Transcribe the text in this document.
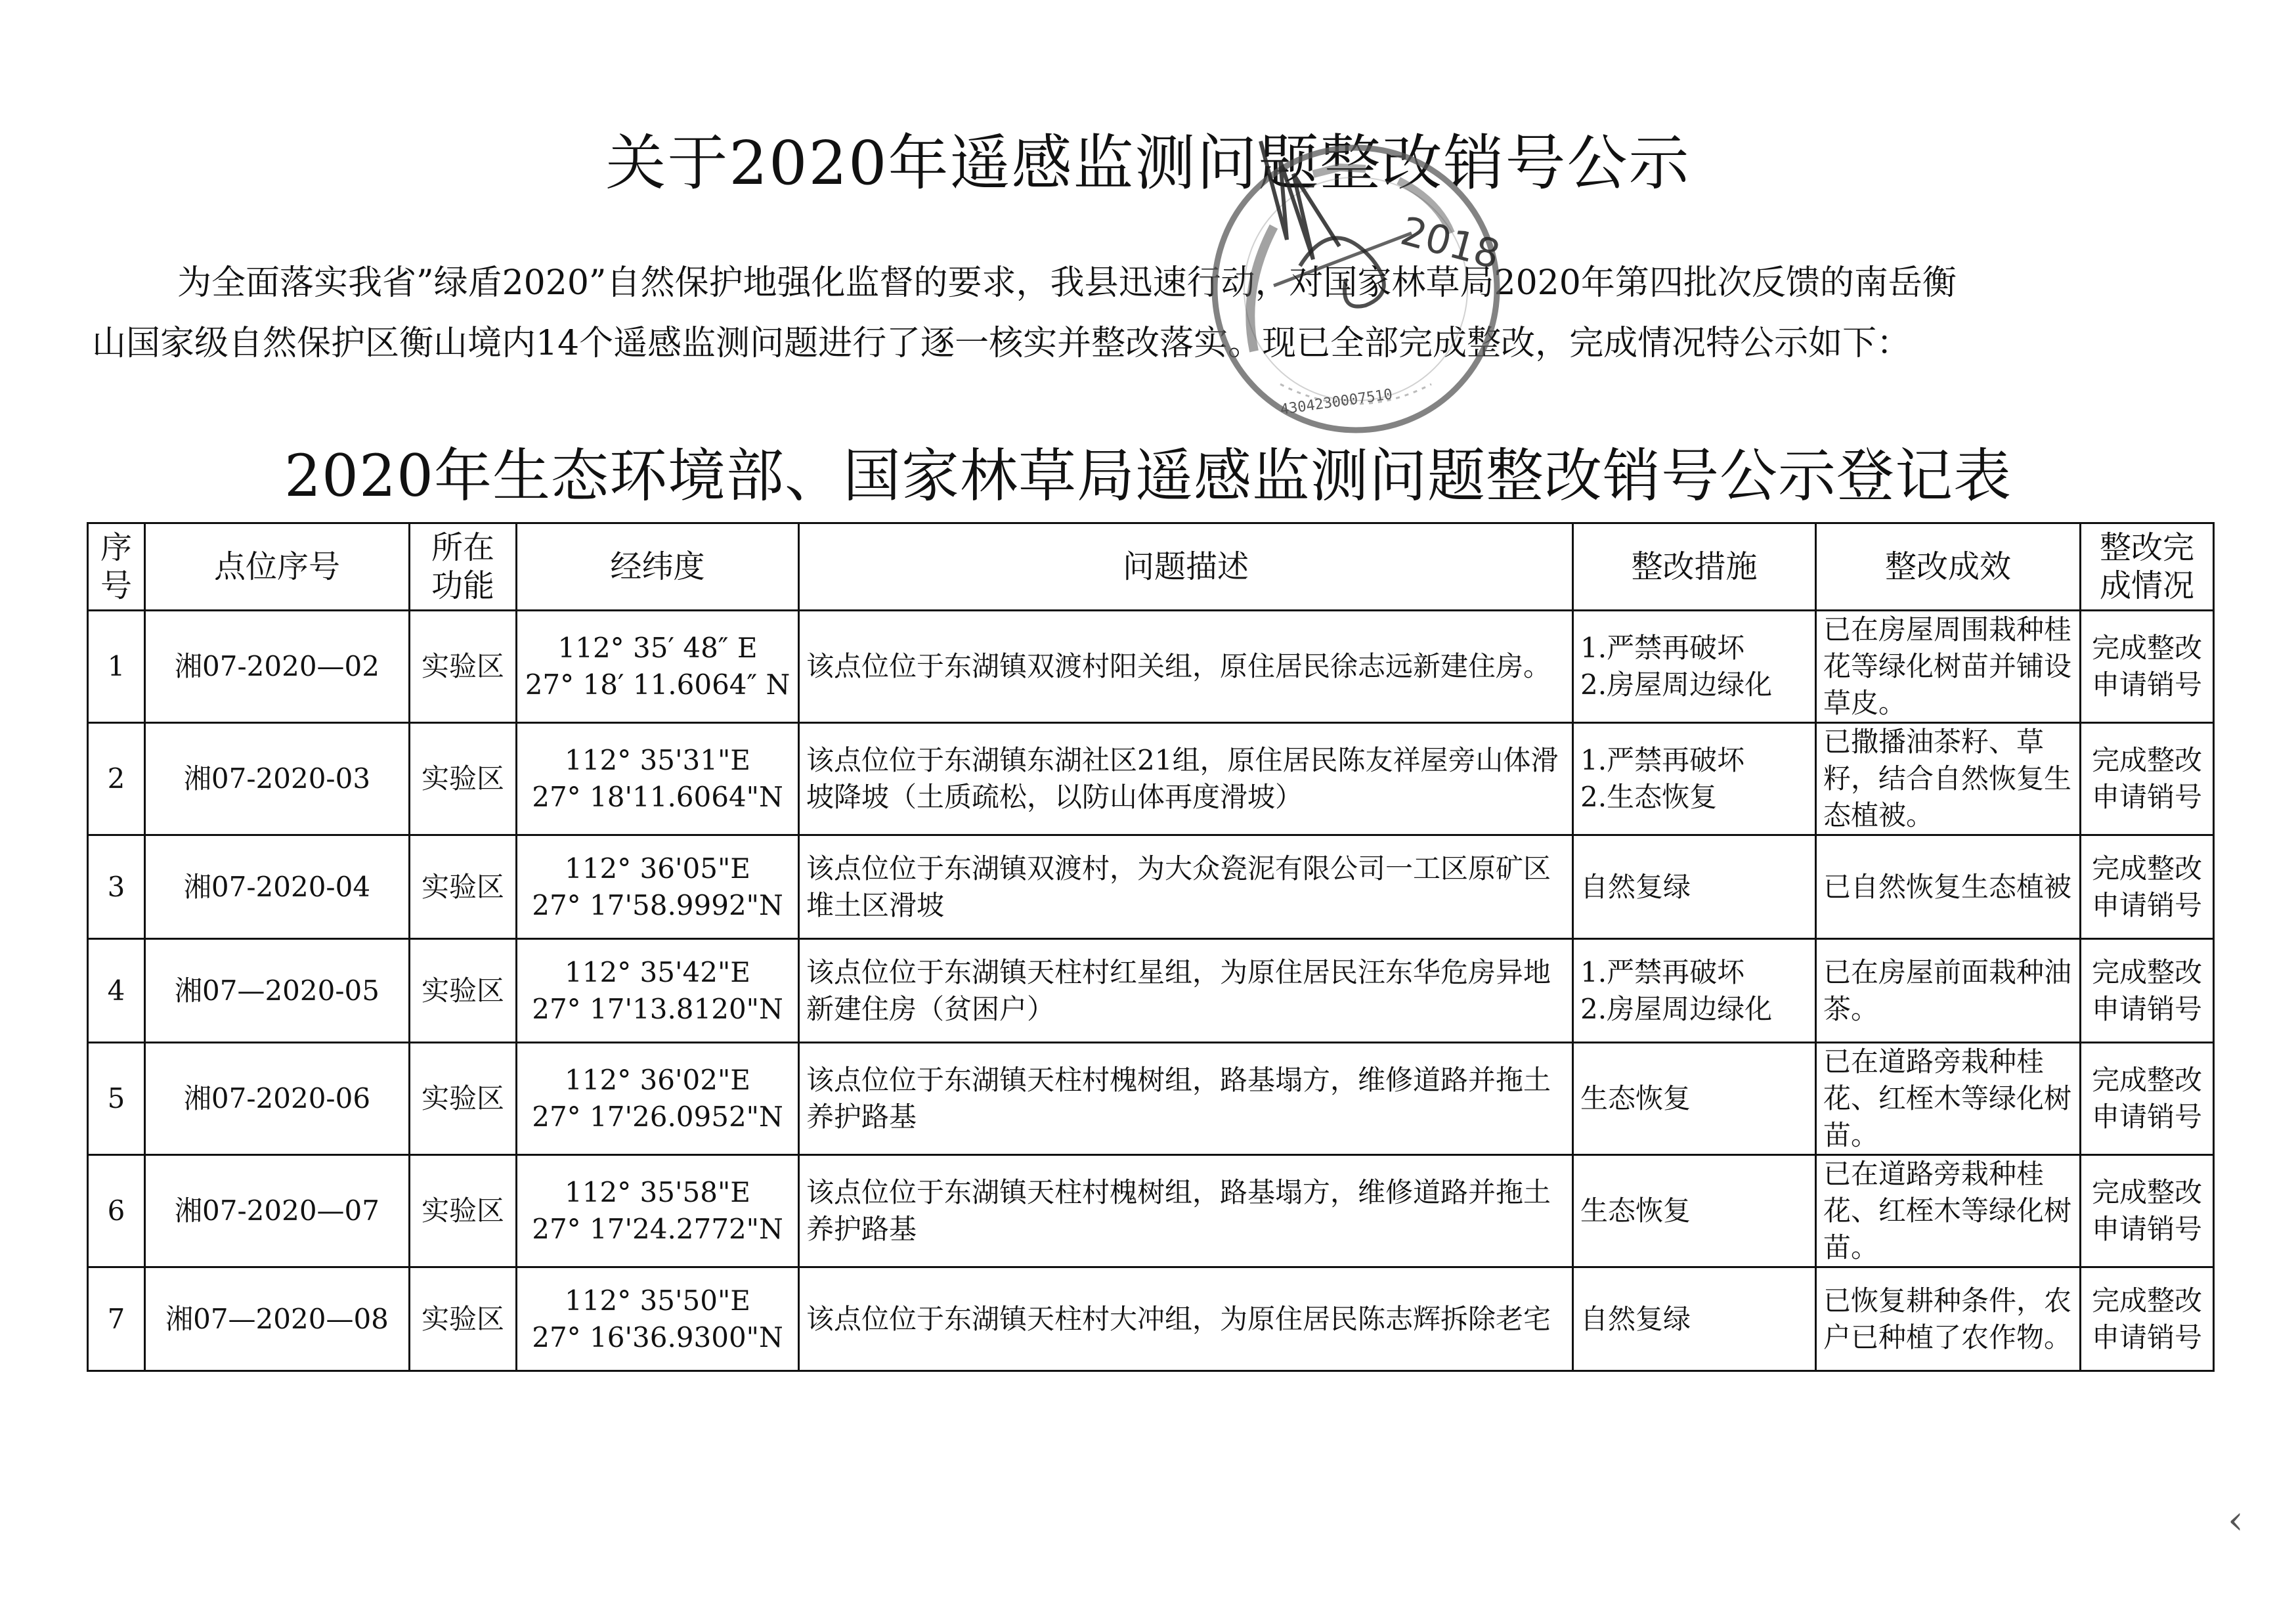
关于2020年遥感监测问题整改销号公示
为全面落实我省”绿盾2020”自然保护地强化监督的要求，我县迅速行动，对国家林草局2020年第四批次反馈的南岳衡
山国家级自然保护区衡山境内14个遥感监测问题进行了逐一核实并整改落实。现已全部完成整改，完成情况特公示如下：
2018
4304230007510
2020年生态环境部、国家林草局遥感监测问题整改销号公示登记表
序号	点位序号	所在功能	经纬度	问题描述	整改措施	整改成效	整改完成情况
1	湘07-2020—02	实验区	112° 35′ 48″ E
27° 18′ 11.6064″ N	该点位位于东湖镇双渡村阳关组，原住居民徐志远新建住房。	1.严禁再破坏
2.房屋周边绿化	已在房屋周围栽种桂花等绿化树苗并铺设草皮。	完成整改申请销号
2	湘07-2020-03	实验区	112° 35'31"E
27° 18'11.6064"N	该点位位于东湖镇东湖社区21组，原住居民陈友祥屋旁山体滑坡降坡（土质疏松，以防山体再度滑坡）	1.严禁再破坏
2.生态恢复	已撒播油茶籽、草籽，结合自然恢复生态植被。	完成整改申请销号
3	湘07-2020-04	实验区	112° 36'05"E
27° 17'58.9992"N	该点位位于东湖镇双渡村，为大众瓷泥有限公司一工区原矿区堆土区滑坡	自然复绿	已自然恢复生态植被	完成整改申请销号
4	湘07—2020-05	实验区	112° 35'42"E
27° 17'13.8120"N	该点位位于东湖镇天柱村红星组，为原住居民汪东华危房异地新建住房（贫困户）	1.严禁再破坏
2.房屋周边绿化	已在房屋前面栽种油茶。	完成整改申请销号
5	湘07-2020-06	实验区	112° 36'02"E
27° 17'26.0952"N	该点位位于东湖镇天柱村槐树组，路基塌方，维修道路并拖土养护路基	生态恢复	已在道路旁栽种桂花、红桎木等绿化树苗。	完成整改申请销号
6	湘07-2020—07	实验区	112° 35'58"E
27° 17'24.2772"N	该点位位于东湖镇天柱村槐树组，路基塌方，维修道路并拖土养护路基	生态恢复	已在道路旁栽种桂花、红桎木等绿化树苗。	完成整改申请销号
7	湘07—2020—08	实验区	112° 35'50"E
27° 16'36.9300"N	该点位位于东湖镇天柱村大冲组，为原住居民陈志辉拆除老宅	自然复绿	已恢复耕种条件，农户已种植了农作物。	完成整改申请销号
‹
